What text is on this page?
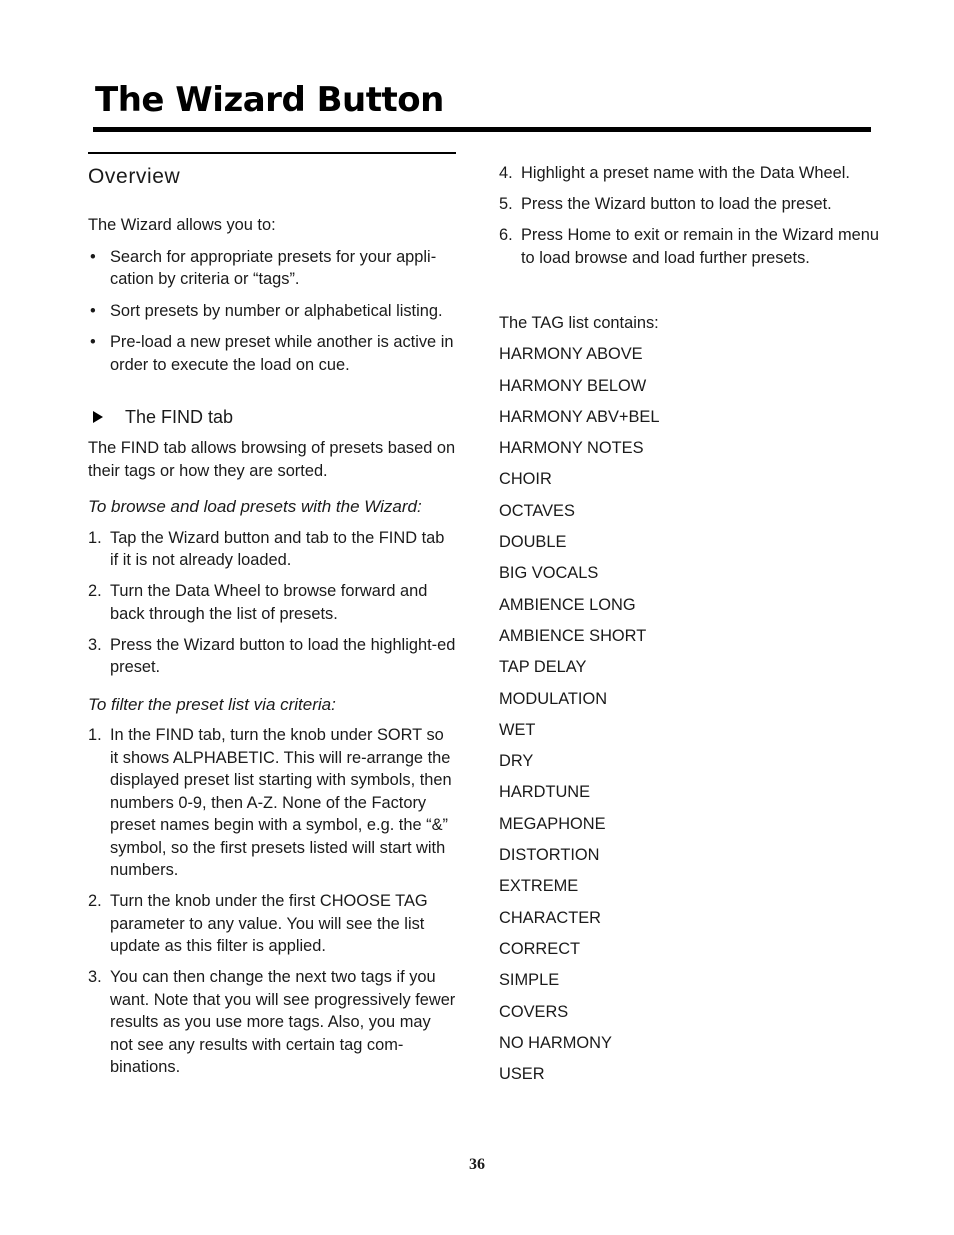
The Wizard Button
Overview

The Wizard allows you to:

• Search for appropriate presets for your appli-cation by criteria or “tags”.
• Sort presets by number or alphabetical listing.
• Pre-load a new preset while another is active in order to execute the load on cue.
The FIND tab

The FIND tab allows browsing of presets based on their tags or how they are sorted.

To browse and load presets with the Wizard:

1. Tap the Wizard button and tab to the FIND tab if it is not already loaded.
2. Turn the Data Wheel to browse forward and back through the list of presets.
3. Press the Wizard button to load the highlight-ed preset.

To filter the preset list via criteria:

1. In the FIND tab, turn the knob under SORT so it shows ALPHABETIC. This will re-arrange the displayed preset list starting with symbols, then numbers 0-9, then A-Z. None of the Factory preset names begin with a symbol, e.g. the “&” symbol, so the first presets listed will start with numbers.
2. Turn the knob under the first CHOOSE TAG parameter to any value. You will see the list update as this filter is applied.
3. You can then change the next two tags if you want. Note that you will see progressively fewer results as you use more tags. Also, you may not see any results with certain tag com-binations.
4. Highlight a preset name with the Data Wheel.
5. Press the Wizard button to load the preset.
6. Press Home to exit or remain in the Wizard menu to load browse and load further presets.

The TAG list contains:

HARMONY ABOVE
HARMONY BELOW
HARMONY ABV+BEL
HARMONY NOTES
CHOIR
OCTAVES
DOUBLE
BIG VOCALS
AMBIENCE LONG
AMBIENCE SHORT
TAP DELAY
MODULATION
WET
DRY
HARDTUNE
MEGAPHONE
DISTORTION
EXTREME
CHARACTER
CORRECT
SIMPLE
COVERS
NO HARMONY
USER
36
